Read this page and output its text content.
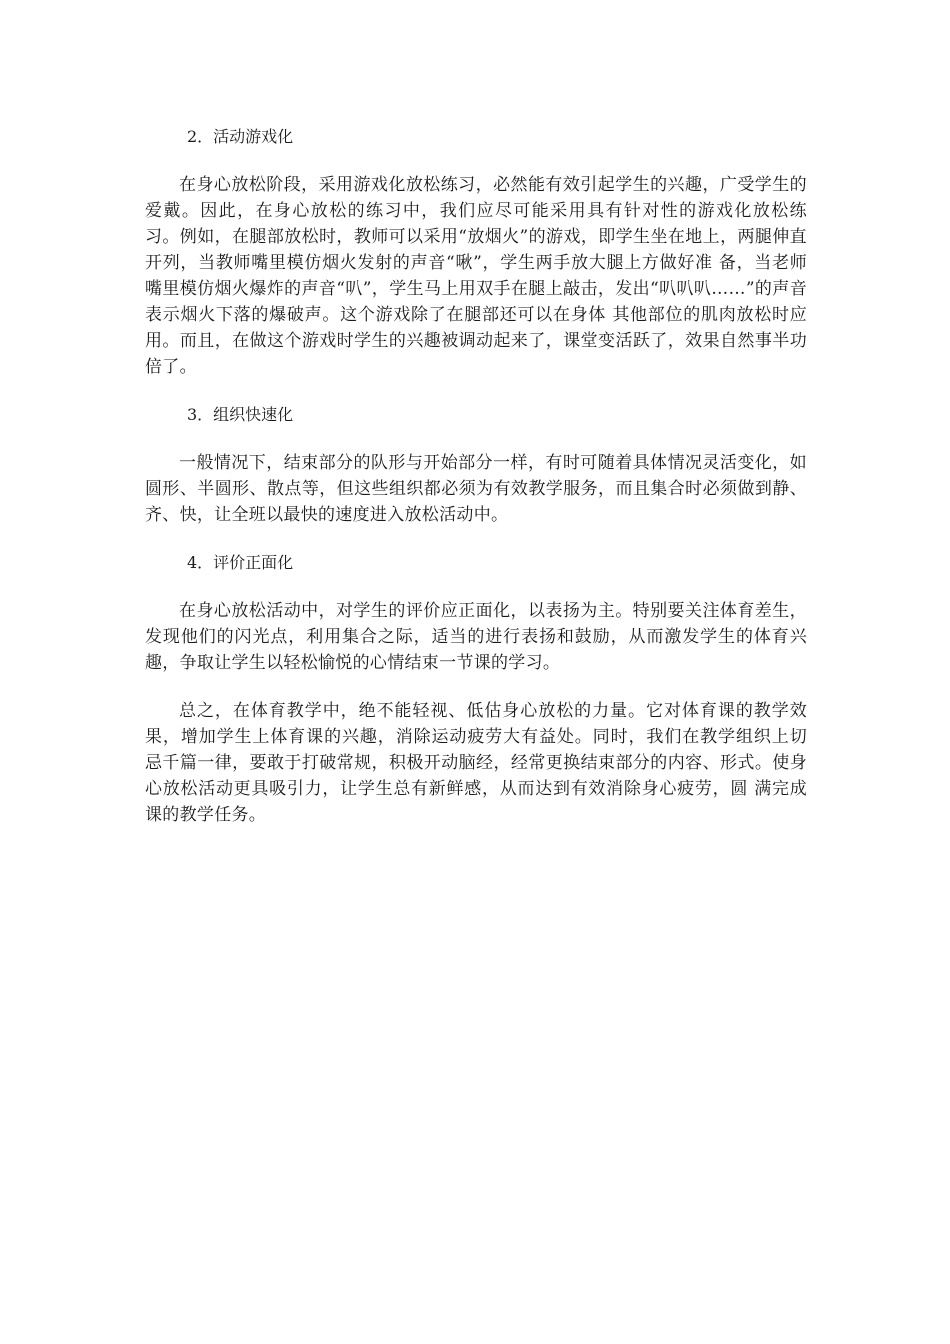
2．活动游戏化

在身心放松阶段，采用游戏化放松练习，必然能有效引起学生的兴趣，广受学生的爱戴。因此，在身心放松的练习中，我们应尽可能采用具有针对性的游戏化放松练 习。例如，在腿部放松时，教师可以采用“放烟火”的游戏，即学生坐在地上，两腿伸直开列，当教师嘴里模仿烟火发射的声音“啾”，学生两手放大腿上方做好准 备，当老师嘴里模仿烟火爆炸的声音“叭”，学生马上用双手在腿上敲击，发出“叭叭叭……”的声音表示烟火下落的爆破声。这个游戏除了在腿部还可以在身体 其他部位的肌肉放松时应用。而且，在做这个游戏时学生的兴趣被调动起来了，课堂变活跃了，效果自然事半功倍了。

3．组织快速化

一般情况下，结束部分的队形与开始部分一样，有时可随着具体情况灵活变化，如圆形、半圆形、散点等，但这些组织都必须为有效教学服务，而且集合时必须做到静、齐、快，让全班以最快的速度进入放松活动中。

4．评价正面化

在身心放松活动中，对学生的评价应正面化，以表扬为主。特别要关注体育差生，发现他们的闪光点，利用集合之际，适当的进行表扬和鼓励，从而激发学生的体育兴趣，争取让学生以轻松愉悦的心情结束一节课的学习。

总之，在体育教学中，绝不能轻视、低估身心放松的力量。它对体育课的教学效果，增加学生上体育课的兴趣，消除运动疲劳大有益处。同时，我们在教学组织上切 忌千篇一律，要敢于打破常规，积极开动脑经，经常更换结束部分的内容、形式。使身心放松活动更具吸引力，让学生总有新鲜感，从而达到有效消除身心疲劳，圆 满完成课的教学任务。
